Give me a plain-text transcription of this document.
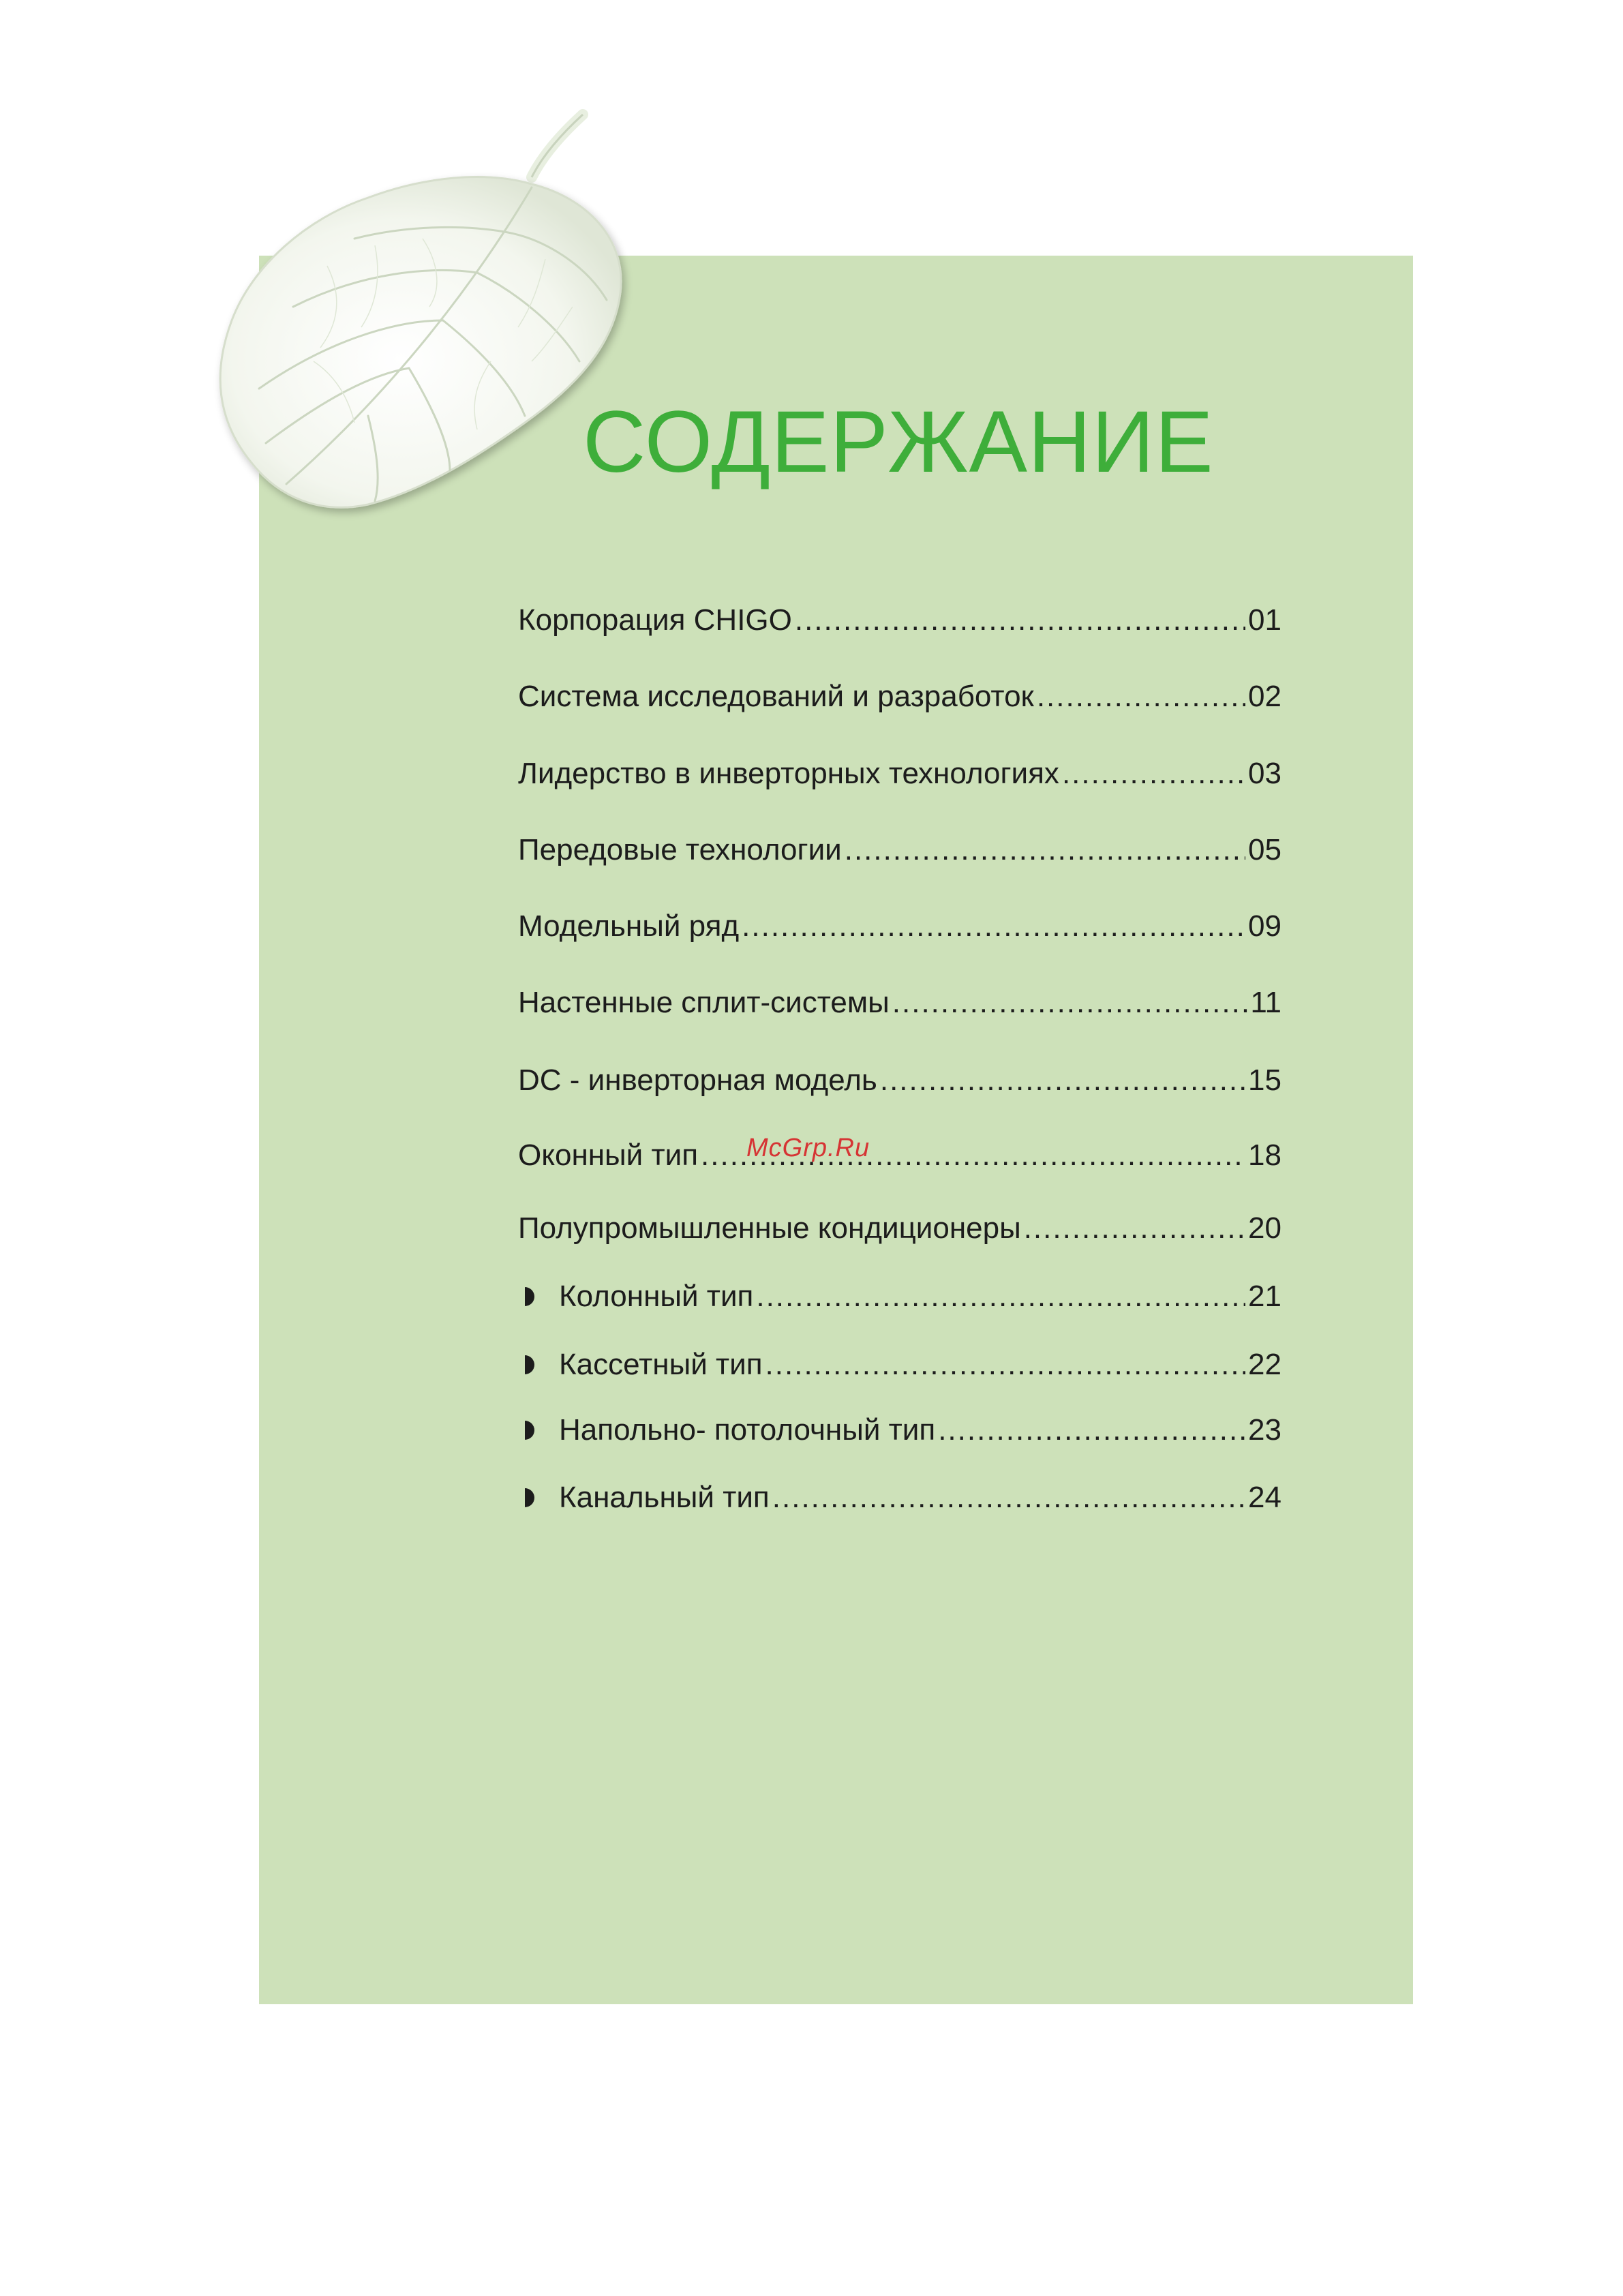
СОДЕРЖАНИЕ
Корпорация CHIGO .....	01
Система исследований и разработок .....	02
Лидерство в инверторных технологиях .....	03
Передовые технологии .....	05
Модельный ряд .....	09
Настенные сплит-системы .....	11
DC - инверторная модель .....	15
Оконный тип .....	18
Полупромышленные кондиционеры .....	20
Колонный тип .....	21
Кассетный тип .....	22
Напольно- потолочный тип .....	23
Канальный тип .....	24
McGrp.Ru
